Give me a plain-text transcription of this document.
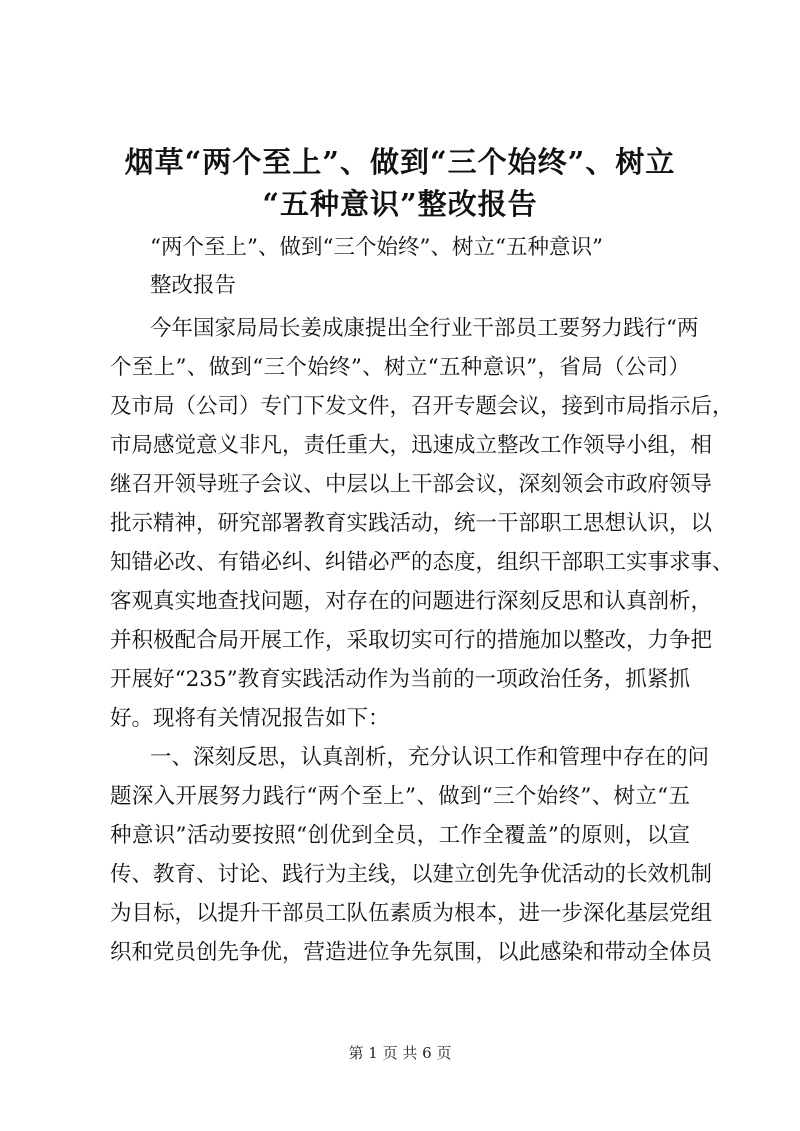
烟草“两个至上”、做到“三个始终”、树立
“五种意识”整改报告

“两个至上”、做到“三个始终”、树立“五种意识”

整改报告

今年国家局局长姜成康提出全行业干部员工要努力践行“两

个至上”、做到“三个始终”、树立“五种意识”，省局（公司）

及市局（公司）专门下发文件，召开专题会议，接到市局指示后，

市局感觉意义非凡，责任重大，迅速成立整改工作领导小组，相

继召开领导班子会议、中层以上干部会议，深刻领会市政府领导

批示精神，研究部署教育实践活动，统一干部职工思想认识，以

知错必改、有错必纠、纠错必严的态度，组织干部职工实事求事、

客观真实地查找问题，对存在的问题进行深刻反思和认真剖析，

并积极配合局开展工作，采取切实可行的措施加以整改，力争把

开展好“235”教育实践活动作为当前的一项政治任务，抓紧抓

好。现将有关情况报告如下：

一、深刻反思，认真剖析，充分认识工作和管理中存在的问

题深入开展努力践行“两个至上”、做到“三个始终”、树立“五

种意识”活动要按照“创优到全员，工作全覆盖”的原则，以宣

传、教育、讨论、践行为主线，以建立创先争优活动的长效机制

为目标，以提升干部员工队伍素质为根本，进一步深化基层党组

织和党员创先争优，营造进位争先氛围，以此感染和带动全体员

第 1 页 共 6 页
